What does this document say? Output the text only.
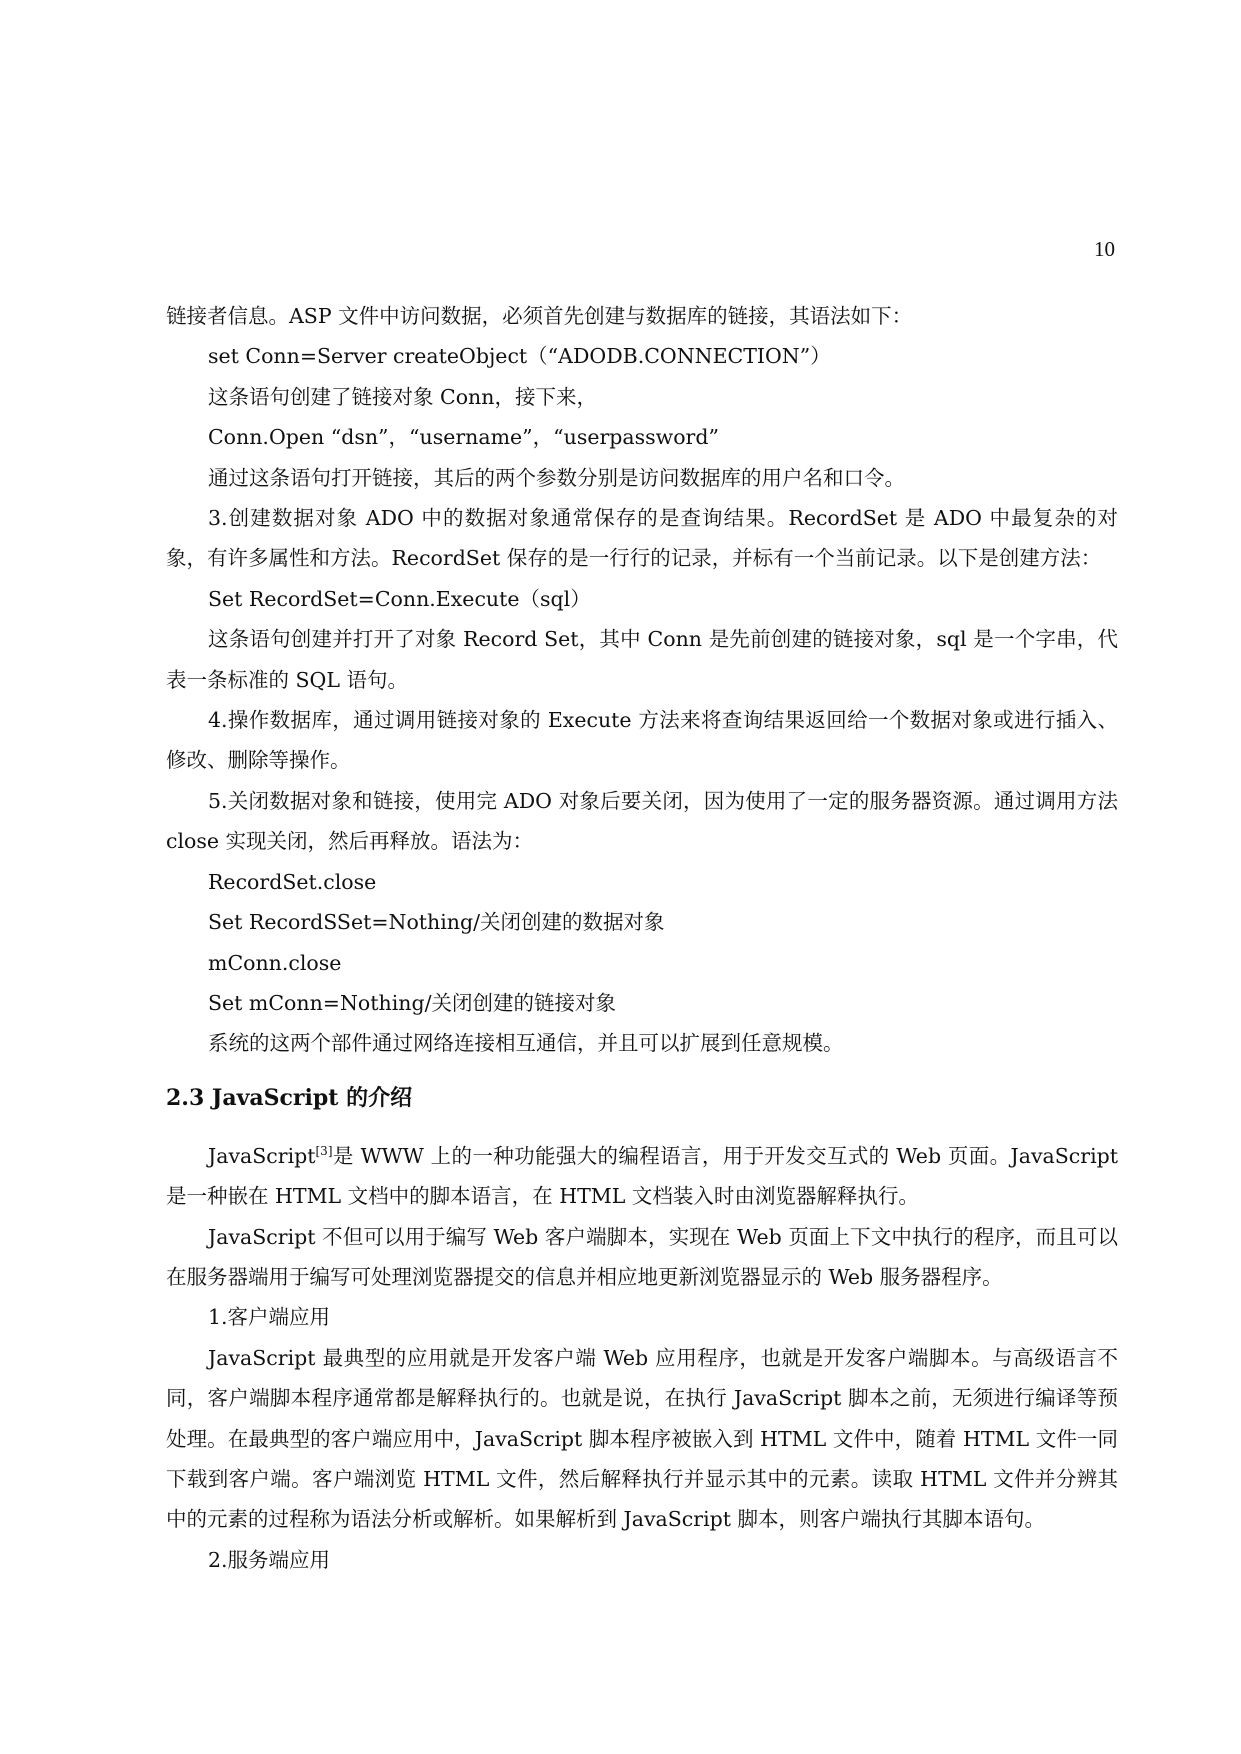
10

链接者信息。ASP 文件中访问数据，必须首先创建与数据库的链接，其语法如下：

set Conn=Server createObject（“ADODB.CONNECTION”）

这条语句创建了链接对象 Conn，接下来，

Conn.Open “dsn”，“username”，“userpassword”

通过这条语句打开链接，其后的两个参数分别是访问数据库的用户名和口令。

3.创建数据对象 ADO 中的数据对象通常保存的是查询结果。RecordSet 是 ADO 中最复杂的对象，有许多属性和方法。RecordSet 保存的是一行行的记录，并标有一个当前记录。以下是创建方法：

Set RecordSet=Conn.Execute（sql）

这条语句创建并打开了对象 Record Set，其中 Conn 是先前创建的链接对象，sql 是一个字串，代表一条标准的 SQL 语句。

4.操作数据库，通过调用链接对象的 Execute 方法来将查询结果返回给一个数据对象或进行插入、修改、删除等操作。

5.关闭数据对象和链接，使用完 ADO 对象后要关闭，因为使用了一定的服务器资源。通过调用方法 close 实现关闭，然后再释放。语法为：

RecordSet.close

Set RecordSSet=Nothing/关闭创建的数据对象

mConn.close

Set mConn=Nothing/关闭创建的链接对象

系统的这两个部件通过网络连接相互通信，并且可以扩展到任意规模。

2.3 JavaScript 的介绍

JavaScript[3]是 WWW 上的一种功能强大的编程语言，用于开发交互式的 Web 页面。JavaScript 是一种嵌在 HTML 文档中的脚本语言，在 HTML 文档装入时由浏览器解释执行。

JavaScript 不但可以用于编写 Web 客户端脚本，实现在 Web 页面上下文中执行的程序，而且可以在服务器端用于编写可处理浏览器提交的信息并相应地更新浏览器显示的 Web 服务器程序。

1.客户端应用

JavaScript 最典型的应用就是开发客户端 Web 应用程序，也就是开发客户端脚本。与高级语言不同，客户端脚本程序通常都是解释执行的。也就是说，在执行 JavaScript 脚本之前，无须进行编译等预处理。在最典型的客户端应用中，JavaScript 脚本程序被嵌入到 HTML 文件中，随着 HTML 文件一同下载到客户端。客户端浏览 HTML 文件，然后解释执行并显示其中的元素。读取 HTML 文件并分辨其中的元素的过程称为语法分析或解析。如果解析到 JavaScript 脚本，则客户端执行其脚本语句。

2.服务端应用
